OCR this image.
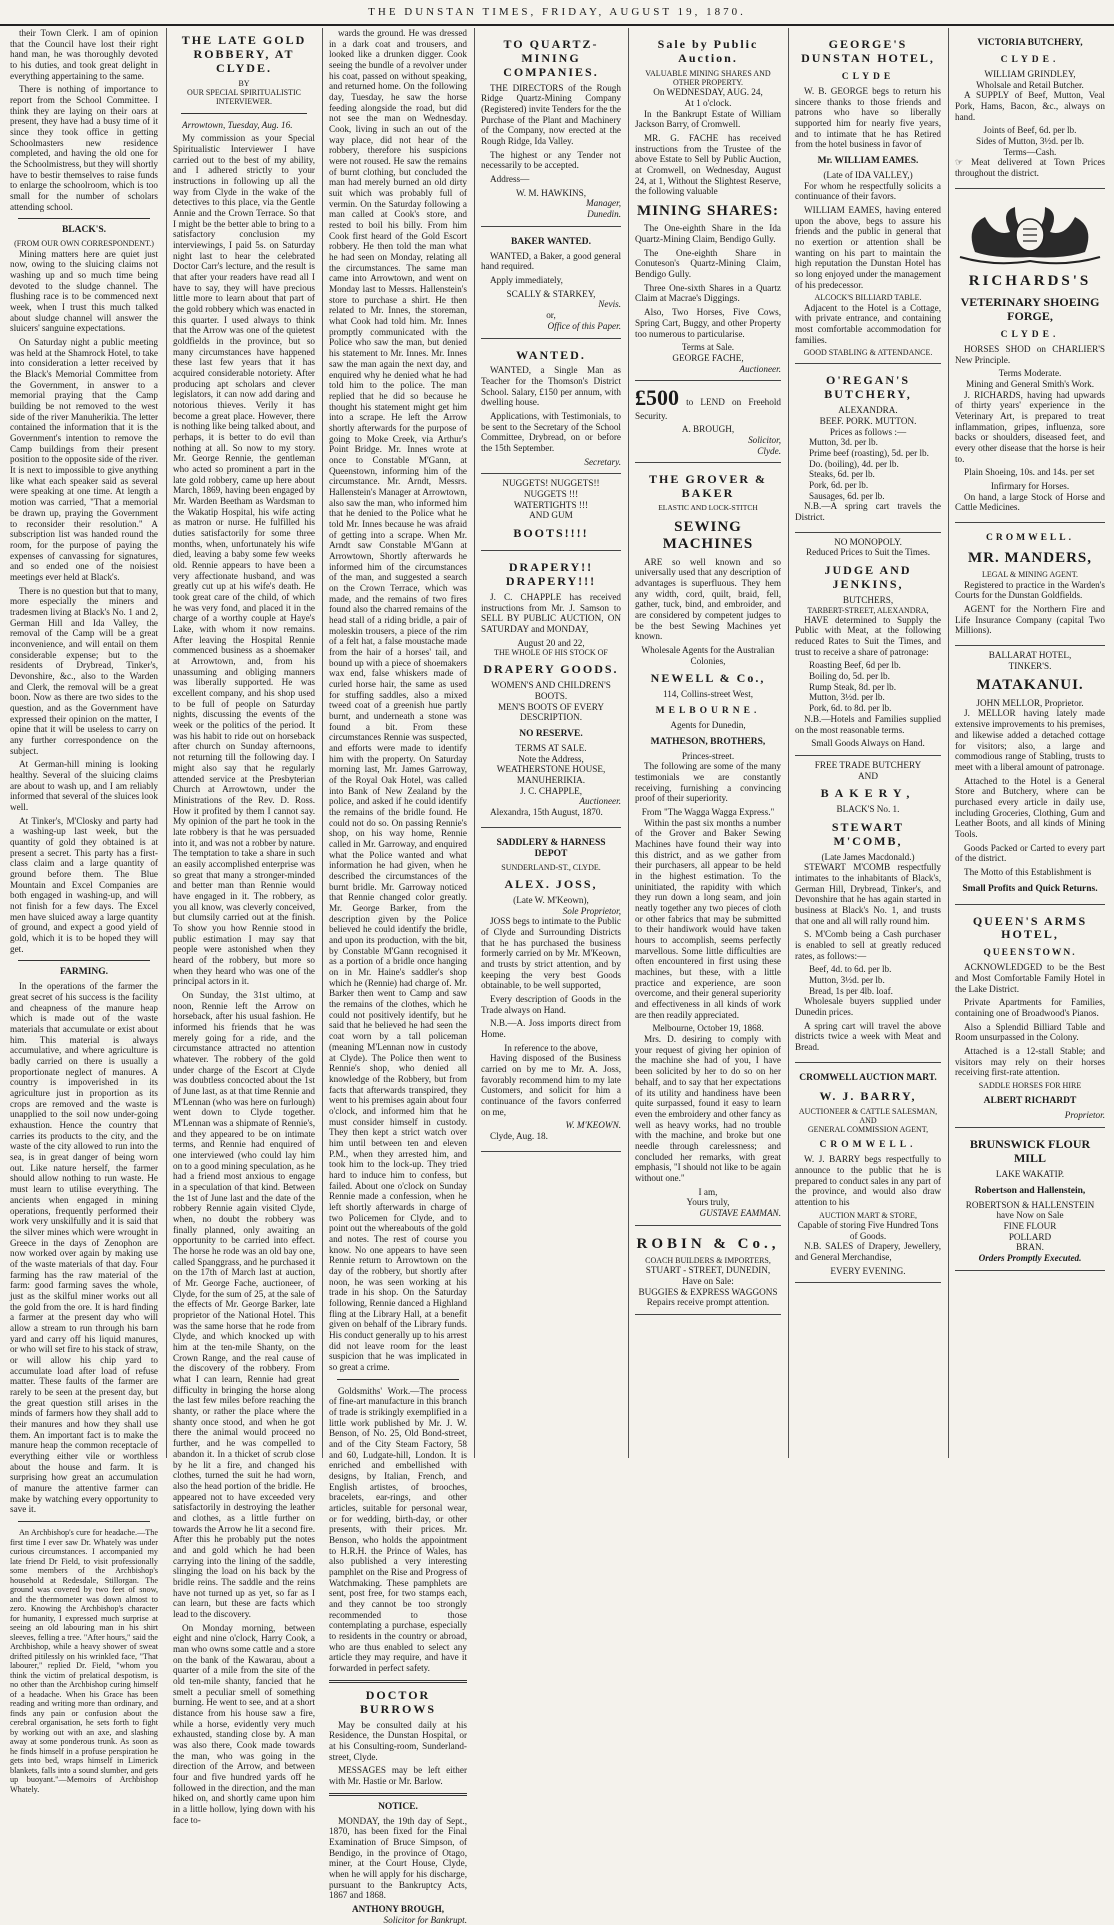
THE DUNSTAN TIMES, FRIDAY, AUGUST 19, 1870.

their Town Clerk. I am of opinion that the Council have lost their right hand man, he was thoroughly devoted to his duties, and took great delight in everything appertaining to the same.

There is nothing of importance to report from the School Committee. I think they are laying on their oars at present, they have had a busy time of it since they took office in getting Schoolmasters new residence completed, and having the old one for the Schoolmistress, but they will shortly have to bestir themselves to raise funds to enlarge the schoolroom, which is too small for the number of scholars attending school.

BLACK'S.
(FROM OUR OWN CORRESPONDENT.)

Mining matters here are quiet just now, owing to the sluicing claims not washing up and so much time being devoted to the sludge channel. The flushing race is to be commenced next week, when I trust this much talked about sludge channel will answer the sluicers' sanguine expectations.

On Saturday night a public meeting was held at the Shamrock Hotel, to take into consideration a letter received by the Black's Memorial Committee from the Government, in answer to a memorial praying that the Camp building be not removed to the west side of the river Manuherikia. The letter contained the information that it is the Government's intention to remove the Camp buildings from their present position to the opposite side of the river. It is next to impossible to give anything like what each speaker said as several were speaking at one time. At length a motion was carried, "That a memorial be drawn up, praying the Government to reconsider their resolution." A subscription list was handed round the room, for the purpose of paying the expenses of canvassing for signatures, and so ended one of the noisiest meetings ever held at Black's.

There is no question but that to many, more especially the miners and tradesmen living at Black's No. 1 and 2, German Hill and Ida Valley, the removal of the Camp will be a great inconvenience, and will entail on them considerable expense; but to the residents of Drybread, Tinker's, Devonshire, &c., also to the Warden and Clerk, the removal will be a great boon. Now as there are two sides to the question, and as the Government have expressed their opinion on the matter, I opine that it will be useless to carry on any further correspondence on the subject.

At German-hill mining is looking healthy. Several of the sluicing claims are about to wash up, and I am reliably informed that several of the sluices look well.

At Tinker's, M'Closky and party had a washing-up last week, but the quantity of gold they obtained is at present a secret. This party has a first-class claim and a large quantity of ground before them. The Blue Mountain and Excel Companies are both engaged in washing-up, and will not finish for a few days. The Excel men have sluiced away a large quantity of ground, and expect a good yield of gold, which it is to be hoped they will get.

FARMING.

In the operations of the farmer the great secret of his success is the facility and cheapness of the manure heap which is made out of the waste materials that accumulate or exist about him. This material is always accumulative, and where agriculture is badly carried on there is usually a proportionate neglect of manures. A country is impoverished in its agriculture just in proportion as its crops are removed and the waste is unapplied to the soil now under-going exhaustion. Hence the country that carries its products to the city, and the waste of the city allowed to run into the sea, is in great danger of being worn out. Like nature herself, the farmer should allow nothing to run waste. He must learn to utilise everything. The ancients when engaged in mining operations, frequently performed their work very unskilfully and it is said that the silver mines which were wrought in Greece in the days of Zenophon are now worked over again by making use of the waste materials of that day. Four farming has the raw material of the farm: good farming saves the whole, just as the skilful miner works out all the gold from the ore. It is hard finding a farmer at the present day who will allow a stream to run through his barn yard and carry off his liquid manures, or who will set fire to his stack of straw, or will allow his chip yard to accumulate load after load of refuse matter. These faults of the farmer are rarely to be seen at the present day, but the great question still arises in the minds of farmers how they shall add to their manures and how they shall use them. An important fact is to make the manure heap the common receptacle of everything either vile or worthless about the house and farm. It is surprising how great an accumulation of manure the attentive farmer can make by watching every opportunity to save it.

An Archbishop's cure for headache.—The first time I ever saw Dr. Whately was under curious circumstances. I accompanied my late friend Dr Field, to visit professionally some members of the Archbishop's household at Redesdale, Stillorgan. The ground was covered by two feet of snow, and the thermometer was down almost to zero. Knowing the Archbishop's character for humanity, I expressed much surprise at seeing an old labouring man in his shirt sleeves, felling a tree. "After hours," said the Archbishop, while a heavy shower of sweat drifted pitilessly on his wrinkled face, "That labourer," replied Dr. Field, "whom you think the victim of prelatical despotism, is no other than the Archbishop curing himself of a headache. When his Grace has been reading and writing more than ordinary, and finds any pain or confusion about the cerebral organisation, he sets forth to fight by working out with an axe, and slashing away at some ponderous trunk. As soon as he finds himself in a profuse perspiration he gets into bed, wraps himself in Limerick blankets, falls into a sound slumber, and gets up buoyant."—Memoirs of Archbishop Whately.

THE LATE GOLD ROBBERY, AT CLYDE.
BY
OUR SPECIAL SPIRITUALISTIC INTERVIEWER.

Arrowtown, Tuesday, Aug. 16.

My commission as your Special Spiritualistic Interviewer I have carried out to the best of my ability, and I adhered strictly to your instructions in following up all the way from Clyde in the wake of the detectives to this place, via the Gentle Annie and the Crown Terrace. So that I might be the better able to bring to a satisfactory conclusion my interviewings, I paid 5s. on Saturday night last to hear the celebrated Doctor Carr's lecture, and the result is that after your readers have read all I have to say, they will have precious little more to learn about that part of the gold robbery which was enacted in this quarter. I used always to think that the Arrow was one of the quietest goldfields in the province, but so many circumstances have happened these last few years that it has acquired considerable notoriety. After producing apt scholars and clever legislators, it can now add daring and notorious thieves. Verily it has become a great place. However, there is nothing like being talked about, and perhaps, it is better to do evil than nothing at all. So now to my story. Mr. George Rennie, the gentleman who acted so prominent a part in the late gold robbery, came up here about March, 1869, having been engaged by Mr. Warden Beetham as Wardsman to the Wakatip Hospital, his wife acting as matron or nurse. He fulfilled his duties satisfactorily for some three months, when, unfortunately his wife died, leaving a baby some few weeks old. Rennie appears to have been a very affectionate husband, and was greatly cut up at his wife's death. He took great care of the child, of which he was very fond, and placed it in the charge of a worthy couple at Haye's Lake, with whom it now remains. After leaving the Hospital Rennie commenced business as a shoemaker at Arrowtown, and, from his unassuming and obliging manners was liberally supported. He was excellent company, and his shop used to be full of people on Saturday nights, discussing the events of the week or the politics of the period. It was his habit to ride out on horseback after church on Sunday afternoons, not returning till the following day. I might also say that he regularly attended service at the Presbyterian Church at Arrowtown, under the Ministrations of the Rev. D. Ross. How it profited by them I cannot say. My opinion of the part he took in the late robbery is that he was persuaded into it, and was not a robber by nature. The temptation to take a share in such an easily accomplished enterprise was so great that many a stronger-minded and better man than Rennie would have engaged in it. The robbery, as you all know, was cleverly conceived, but clumsily carried out at the finish. To show you how Rennie stood in public estimation I may say that people were astonished when they heard of the robbery, but more so when they heard who was one of the principal actors in it.

On Sunday, the 31st ultimo, at noon, Rennie left the Arrow on horseback, after his usual fashion. He informed his friends that he was merely going for a ride, and the circumstance attracted no attention whatever. The robbery of the gold under charge of the Escort at Clyde was doubtless concocted about the 1st of June last, as at that time Rennie and M'Lennan (who was here on furlough) went down to Clyde together. M'Lennan was a shipmate of Rennie's, and they appeared to be on intimate terms, and Rennie had enquired of one interviewed (who could lay him on to a good mining speculation, as he had a friend most anxious to engage in a speculation of that kind. Between the 1st of June last and the date of the robbery Rennie again visited Clyde, when, no doubt the robbery was finally planned, only awaiting an opportunity to be carried into effect. The horse he rode was an old bay one, called Spanggrass, and he purchased it on the 17th of March last at auction, of Mr. George Fache, auctioneer, of Clyde, for the sum of 25, at the sale of the effects of Mr. George Barker, late proprietor of the National Hotel. This was the same horse that he rode from Clyde, and which knocked up with him at the ten-mile Shanty, on the Crown Range, and the real cause of the discovery of the robbery. From what I can learn, Rennie had great difficulty in bringing the horse along the last few miles before reaching the shanty, or rather the place where the shanty once stood, and when he got there the animal would proceed no further, and he was compelled to abandon it. In a thicket of scrub close by he lit a fire, and changed his clothes, turned the suit he had worn, also the head portion of the bridle. He appeared not to have exceeded very satisfactorily in destroying the leather and clothes, as a little further on towards the Arrow he lit a second fire. After this he probably put the notes and and gold which he had been carrying into the lining of the saddle, slinging the load on his back by the bridle reins. The saddle and the reins have not turned up as yet, so far as I can learn, but these are facts which lead to the discovery.

On Monday morning, between eight and nine o'clock, Harry Cook, a man who owns some cattle and a store on the bank of the Kawarau, about a quarter of a mile from the site of the old ten-mile shanty, fancied that he smelt a peculiar smell of something burning. He went to see, and at a short distance from his house saw a fire, while a horse, evidently very much exhausted, standing close by. A man was also there, Cook made towards the man, who was going in the direction of the Arrow, and between four and five hundred yards off he followed in the direction, and the man hiked on, and shortly came upon him in a little hollow, lying down with his face to-

wards the ground. He was dressed in a dark coat and trousers, and looked like a drunken digger. Cook seeing the bundle of a revolver under his coat, passed on without speaking, and returned home. On the following day, Tuesday, he saw the horse feeding alongside the road, but did not see the man on Wednesday. Cook, living in such an out of the way place, did not hear of the robbery, therefore his suspicions were not roused. He saw the remains of burnt clothing, but concluded the man had merely burned an old dirty suit which was probably full of vermin. On the Saturday following a man called at Cook's store, and rested to boil his billy. From him Cook first heard of the Gold Escort robbery. He then told the man what he had seen on Monday, relating all the circumstances. The same man came into Arrowtown, and went on Monday last to Messrs. Hallenstein's store to purchase a shirt. He then related to Mr. Innes, the storeman, what Cook had told him. Mr. Innes promptly communicated with the Police who saw the man, but denied his statement to Mr. Innes. Mr. Innes saw the man again the next day, and enquired why he denied what he had told him to the police. The man replied that he did so because he thought his statement might get him into a scrape. He left the Arrow shortly afterwards for the purpose of going to Moke Creek, via Arthur's Point Bridge. Mr. Innes wrote at once to Constable M'Gann, at Queenstown, informing him of the circumstance. Mr. Arndt, Messrs. Hallenstein's Manager at Arrowtown, also saw the man, who informed him that he denied to the Police what he told Mr. Innes because he was afraid of getting into a scrape. When Mr. Arndt saw Constable M'Gann at Arrowtown, Shortly afterwards he informed him of the circumstances of the man, and suggested a search on the Crown Terrace, which was made, and the remains of two fires found also the charred remains of the head stall of a riding bridle, a pair of moleskin trousers, a piece of the rim of a felt hat, a false moustache made from the hair of a horses' tail, and bound up with a piece of shoemakers wax end, false whiskers made of curled horse hair, the same as used for stuffing saddles, also a mixed tweed coat of a greenish hue partly burnt, and underneath a stone was found a bit. From these circumstances Rennie was suspected, and efforts were made to identify him with the property. On Saturday morning last, Mr. James Garroway, of the Royal Oak Hotel, was called into Bank of New Zealand by the police, and asked if he could identify the remains of the bridle found. He could not do so. On passing Rennie's shop, on his way home, Rennie called in Mr. Garroway, and enquired what the Police wanted and what information he had given, when he described the circumstances of the burnt bridle. Mr. Garroway noticed that Rennie changed color greatly. Mr. George Barker, from the description given by the Police believed he could identify the bridle, and upon its production, with the bit, by Constable M'Gann recognised it as a portion of a bridle once hanging on in Mr. Haine's saddler's shop which he (Rennie) had charge of. Mr. Barker then went to Camp and saw the remains of the clothes, which he could not positively identify, but he said that he believed he had seen the coat worn by a tall policeman (meaning M'Lennan now in custody at Clyde). The Police then went to Rennie's shop, who denied all knowledge of the Robbery, but from facts that afterwards transpired, they went to his premises again about four o'clock, and informed him that he must consider himself in custody. They then kept a strict watch over him until between ten and eleven P.M., when they arrested him, and took him to the lock-up. They tried hard to induce him to confess, but failed. About one o'clock on Sunday Rennie made a confession, when he left shortly afterwards in charge of two Policemen for Clyde, and to point out the whereabouts of the gold and notes. The rest of course you know. No one appears to have seen Rennie return to Arrowtown on the day of the robbery, but shortly after noon, he was seen working at his trade in his shop. On the Saturday following, Rennie danced a Highland fling at the Library Hall, at a benefit given on behalf of the Library funds. His conduct generally up to his arrest did not leave room for the least suspicion that he was implicated in so great a crime.

Goldsmiths' Work.—The process of fine-art manufacture in this branch of trade is strikingly exemplified in a little work published by Mr. J. W. Benson, of No. 25, Old Bond-street, and of the City Steam Factory, 58 and 60, Ludgate-hill, London. It is enriched and embellished with designs, by Italian, French, and English artistes, of brooches, bracelets, ear-rings, and other articles, suitable for personal wear, or for wedding, birth-day, or other presents, with their prices. Mr. Benson, who holds the appointment to H.R.H. the Prince of Wales, has also published a very interesting pamphlet on the Rise and Progress of Watchmaking. These pamphlets are sent, post free, for two stamps each, and they cannot be too strongly recommended to those contemplating a purchase, especially to residents in the country or abroad, who are thus enabled to select any article they may require, and have it forwarded in perfect safety.

DOCTOR BURROWS

May be consulted daily at his Residence, the Dunstan Hospital, or at his Consulting-room, Sunderland-street, Clyde.

MESSAGES may be left either with Mr. Hastie or Mr. Barlow.

NOTICE.

MONDAY, the 19th day of Sept., 1870, has been fixed for the Final Examination of Bruce Simpson, of Bendigo, in the province of Otago, miner, at the Court House, Clyde, when he will apply for his discharge, pursuant to the Bankruptcy Acts, 1867 and 1868.

ANTHONY BROUGH,
Solicitor for Bankrupt.
TO QUARTZ-MINING COMPANIES.

THE DIRECTORS of the Rough Ridge Quartz-Mining Company (Registered) invite Tenders for the the Purchase of the Plant and Machinery of the Company, now erected at the Rough Ridge, Ida Valley.

The highest or any Tender not necessarily to be accepted.

Address—

W. M. HAWKINS,
Manager,
Dunedin.
BAKER WANTED.

WANTED, a Baker, a good general hand required.

Apply immediately,

SCALLY & STARKEY,
Nevis.
or,
Office of this Paper.
WANTED.

WANTED, a Single Man as Teacher for the Thomson's District School. Salary, £150 per annum, with dwelling house.

Applications, with Testimonials, to be sent to the Secretary of the School Committee, Drybread, on or before the 15th September.

Secretary.
NUGGETS! NUGGETS!!
NUGGETS !!!
WATERTIGHTS !!!
AND GUM
BOOTS!!!!
DRAPERY!! DRAPERY!!!

J. C. CHAPPLE has received instructions from Mr. J. Samson to SELL BY PUBLIC AUCTION, ON SATURDAY and MONDAY,

August 20 and 22,
THE WHOLE OF HIS STOCK OF
DRAPERY GOODS.
WOMEN'S AND CHILDREN'S BOOTS.
MEN'S BOOTS OF EVERY DESCRIPTION.
NO RESERVE.
TERMS AT SALE.
Note the Address,
WEATHERSTONE HOUSE,
MANUHERIKIA.
J. C. CHAPPLE,
Auctioneer.

Alexandra, 15th August, 1870.

SADDLERY & HARNESS DEPOT
SUNDERLAND-ST., CLYDE.
ALEX. JOSS,
(Late W. M'Keown),
Sole Proprietor,

JOSS begs to intimate to the Public of Clyde and Surrounding Districts that he has purchased the business formerly carried on by Mr. M'Keown, and trusts by strict attention, and by keeping the very best Goods obtainable, to be well supported,

Every description of Goods in the Trade always on Hand.

N.B.—A. Joss imports direct from Home.

In reference to the above,

Having disposed of the Business carried on by me to Mr. A. Joss, favorably recommend him to my late Customers, and solicit for him a continuance of the favors conferred on me,

W. M'KEOWN.

Clyde, Aug. 18.

Sale by Public Auction.
VALUABLE MINING SHARES AND OTHER PROPERTY.
On WEDNESDAY, AUG. 24,
At 1 o'clock.

In the Bankrupt Estate of William Jackson Barry, of Cromwell.

MR. G. FACHE has received instructions from the Trustee of the above Estate to Sell by Public Auction, at Cromwell, on Wednesday, August 24, at 1, Without the Slightest Reserve, the following valuable

MINING SHARES:

The One-eighth Share in the Ida Quartz-Mining Claim, Bendigo Gully.

The One-eighth Share in Conuteson's Quartz-Mining Claim, Bendigo Gully.

Three One-sixth Shares in a Quartz Claim at Macrae's Diggings.

Also, Two Horses, Five Cows, Spring Cart, Buggy, and other Property too numerous to particularise.

Terms at Sale.
GEORGE FACHE,
Auctioneer.

£500 to LEND on Freehold Security.

A. BROUGH,
Solicitor,
Clyde.
THE GROVER & BAKER
ELASTIC AND LOCK-STITCH
SEWING MACHINES

ARE so well known and so universally used that any description of advantages is superfluous. They hem any width, cord, quilt, braid, fell, gather, tuck, bind, and embroider, and are considered by competent judges to be the best Sewing Machines yet known.

Wholesale Agents for the Australian Colonies,
NEWELL & Co.,
114, Collins-street West,
MELBOURNE.
Agents for Dunedin,
MATHESON, BROTHERS,
Princes-street.

The following are some of the many testimonials we are constantly receiving, furnishing a convincing proof of their superiority.

From "The Wagga Wagga Express."

Within the past six months a number of the Grover and Baker Sewing Machines have found their way into this district, and as we gather from their purchasers, all appear to be held in the highest estimation. To the uninitiated, the rapidity with which they run down a long seam, and join neatly together any two pieces of cloth or other fabrics that may be submitted to their handiwork would have taken hours to accomplish, seems perfectly marvellous. Some little difficulties are often encountered in first using these machines, but these, with a little practice and experience, are soon overcome, and their general superiority and effectiveness in all kinds of work are then readily appreciated.

Melbourne, October 19, 1868.

Mrs. D. desiring to comply with your request of giving her opinion of the machine she had of you, I have been solicited by her to do so on her behalf, and to say that her expectations of its utility and handiness have been quite surpassed, found it easy to learn even the embroidery and other fancy as well as heavy works, had no trouble with the machine, and broke but one needle through carelessness; and concluded her remarks, with great emphasis, "I should not like to be again without one."

I am,
Yours truly,
GUSTAVE EAMMAN.
ROBIN & Co.,
COACH BUILDERS & IMPORTERS,
STUART - STREET, DUNEDIN,
Have on Sale:
BUGGIES & EXPRESS WAGGONS
Repairs receive prompt attention.
GEORGE'S DUNSTAN HOTEL,
CLYDE

W. B. GEORGE begs to return his sincere thanks to those friends and patrons who have so liberally supported him for nearly five years, and to intimate that he has Retired from the hotel business in favor of

Mr. WILLIAM EAMES.
(Late of IDA VALLEY,)

For whom he respectfully solicits a continuance of their favors.

WILLIAM EAMES, having entered upon the above, begs to assure his friends and the public in general that no exertion or attention shall be wanting on his part to maintain the high reputation the Dunstan Hotel has so long enjoyed under the management of his predecessor.

ALCOCK'S BILLIARD TABLE.

Adjacent to the Hotel is a Cottage, with private entrance, and containing most comfortable accommodation for families.

GOOD STABLING & ATTENDANCE.
O'REGAN'S BUTCHERY,
ALEXANDRA.
BEEF. PORK. MUTTON.
Prices as follows :—
Mutton, 3d. per lb.
Prime beef (roasting), 5d. per lb.
Do. (boiling), 4d. per lb.
Steaks, 6d. per lb.
Pork, 6d. per lb.
Sausages, 6d. per lb.

N.B.—A spring cart travels the District.

NO MONOPOLY.
Reduced Prices to Suit the Times.
JUDGE AND JENKINS,
BUTCHERS,
TARBERT-STREET, ALEXANDRA,

HAVE determined to Supply the Public with Meat, at the following reduced Rates to Suit the Times, and trust to receive a share of patronage:

Roasting Beef, 6d per lb.
Boiling do, 5d. per lb.
Rump Steak, 8d. per lb.
Mutton, 3½d. per lb.
Pork, 6d. to 8d. per lb.

N.B.—Hotels and Families supplied on the most reasonable terms.

Small Goods Always on Hand.
FREE TRADE BUTCHERY
AND
BAKERY,
BLACK'S No. 1.
STEWART M'COMB,
(Late James Macdonald.)

STEWART M'COMB respectfully intimates to the inhabitants of Black's, German Hill, Drybread, Tinker's, and Devonshire that he has again started in business at Black's No. 1, and trusts that one and all will rally round him.

S. M'Comb being a Cash purchaser is enabled to sell at greatly reduced rates, as follows:—

Beef, 4d. to 6d. per lb.
Mutton, 3½d. per lb.
Bread, 1s per 4lb. loaf.

Wholesale buyers supplied under Dunedin prices.

A spring cart will travel the above districts twice a week with Meat and Bread.

CROMWELL AUCTION MART.
W. J. BARRY,
AUCTIONEER & CATTLE SALESMAN,
AND
GENERAL COMMISSION AGENT,
CROMWELL.

W. J. BARRY begs respectfully to announce to the public that he is prepared to conduct sales in any part of the province, and would also draw attention to his

AUCTION MART & STORE,
Capable of storing Five Hundred Tons of Goods.

N.B. SALES of Drapery, Jewellery, and General Merchandise,

EVERY EVENING.
VICTORIA BUTCHERY,
CLYDE.
WILLIAM GRINDLEY,
Wholsale and Retail Butcher.

A SUPPLY of Beef, Mutton, Veal Pork, Hams, Bacon, &c., always on hand.

Joints of Beef, 6d. per lb.
Sides of Mutton, 3½d. per lb.
Terms—Cash.

☞ Meat delivered at Town Prices throughout the district.

RICHARDS'S
VETERINARY SHOEING FORGE,
CLYDE.

HORSES SHOD on CHARLIER'S New Principle.

Terms Moderate.
Mining and General Smith's Work.

J. RICHARDS, having had upwards of thirty years' experience in the Veterinary Art, is prepared to treat inflammation, gripes, influenza, sore backs or shoulders, diseased feet, and every other disease that the horse is heir to.

Plain Shoeing, 10s. and 14s. per set

Infirmary for Horses.

On hand, a large Stock of Horse and Cattle Medicines.

CROMWELL.
MR. MANDERS,
LEGAL & MINING AGENT.

Registered to practice in the Warden's Courts for the Dunstan Goldfields.

AGENT for the Northern Fire and Life Insurance Company (capital Two Millions).

BALLARAT HOTEL,
TINKER'S.
MATAKANUI.
JOHN MELLOR, Proprietor.

J. MELLOR having lately made extensive improvements to his premises, and likewise added a detached cottage for visitors; also, a large and commodious range of Stabling, trusts to meet with a liberal amount of patronage.

Attached to the Hotel is a General Store and Butchery, where can be purchased every article in daily use, including Groceries, Clothing, Gum and Leather Boots, and all kinds of Mining Tools.

Goods Packed or Carted to every part of the district.

The Motto of this Establishment is

Small Profits and Quick Returns.
QUEEN'S ARMS HOTEL,
QUEENSTOWN.

ACKNOWLEDGED to be the Best and Most Comfortable Family Hotel in the Lake District.

Private Apartments for Families, containing one of Broadwood's Pianos.

Also a Splendid Billiard Table and Room unsurpassed in the Colony.

Attached is a 12-stall Stable; and visitors may rely on their horses receiving first-rate attention.

SADDLE HORSES FOR HIRE
ALBERT RICHARDT
Proprietor.
BRUNSWICK FLOUR MILL
LAKE WAKATIP.
Robertson and Hallenstein,
ROBERTSON & HALLENSTEIN
have Now on Sale
FINE FLOUR
POLLARD
BRAN.
Orders Promptly Executed.
